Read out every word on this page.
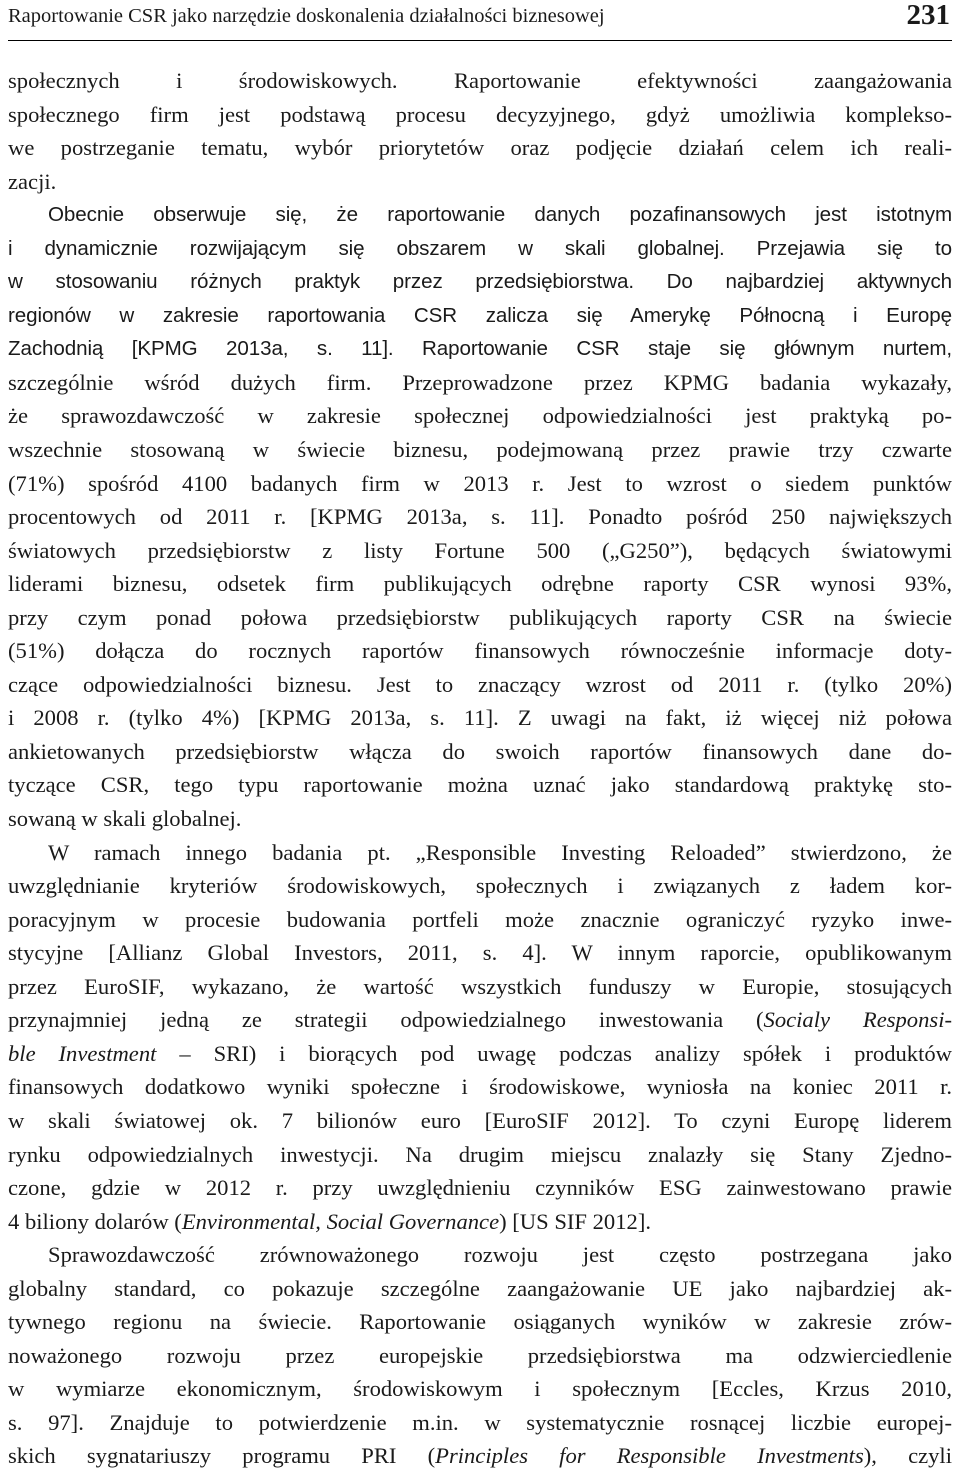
Raportowanie CSR jako narzędzie doskonalenia działalności biznesowej	231
społecznych i środowiskowych. Raportowanie efektywności zaangażowania
społecznego firm jest podstawą procesu decyzyjnego, gdyż umożliwia komplekso-
we postrzeganie tematu, wybór priorytetów oraz podjęcie działań celem ich reali-
zacji.
Obecnie obserwuje się, że raportowanie danych pozafinansowych jest istotnym
i dynamicznie rozwijającym się obszarem w skali globalnej. Przejawia się to
w stosowaniu różnych praktyk przez przedsiębiorstwa. Do najbardziej aktywnych
regionów w zakresie raportowania CSR zalicza się Amerykę Północną i Europę
Zachodnią [KPMG 2013a, s. 11]. Raportowanie CSR staje się głównym nurtem,
szczególnie wśród dużych firm. Przeprowadzone przez KPMG badania wykazały,
że sprawozdawczość w zakresie społecznej odpowiedzialności jest praktyką po-
wszechnie stosowaną w świecie biznesu, podejmowaną przez prawie trzy czwarte
(71%) spośród 4100 badanych firm w 2013 r. Jest to wzrost o siedem punktów
procentowych od 2011 r. [KPMG 2013a, s. 11]. Ponadto pośród 250 największych
światowych przedsiębiorstw z listy Fortune 500 („G250”), będących światowymi
liderami biznesu, odsetek firm publikujących odrębne raporty CSR wynosi 93%,
przy czym ponad połowa przedsiębiorstw publikujących raporty CSR na świecie
(51%) dołącza do rocznych raportów finansowych równocześnie informacje doty-
czące odpowiedzialności biznesu. Jest to znaczący wzrost od 2011 r. (tylko 20%)
i 2008 r. (tylko 4%) [KPMG 2013a, s. 11]. Z uwagi na fakt, iż więcej niż połowa
ankietowanych przedsiębiorstw włącza do swoich raportów finansowych dane do-
tyczące CSR, tego typu raportowanie można uznać jako standardową praktykę sto-
sowaną w skali globalnej.
W ramach innego badania pt. „Responsible Investing Reloaded” stwierdzono, że
uwzględnianie kryteriów środowiskowych, społecznych i związanych z ładem kor-
poracyjnym w procesie budowania portfeli może znacznie ograniczyć ryzyko inwe-
stycyjne [Allianz Global Investors, 2011, s. 4]. W innym raporcie, opublikowanym
przez EuroSIF, wykazano, że wartość wszystkich funduszy w Europie, stosujących
przynajmniej jedną ze strategii odpowiedzialnego inwestowania (Socialy Responsi-
ble Investment – SRI) i biorących pod uwagę podczas analizy spółek i produktów
finansowych dodatkowo wyniki społeczne i środowiskowe, wyniosła na koniec 2011 r.
w skali światowej ok. 7 bilionów euro [EuroSIF 2012]. To czyni Europę liderem
rynku odpowiedzialnych inwestycji. Na drugim miejscu znalazły się Stany Zjedno-
czone, gdzie w 2012 r. przy uwzględnieniu czynników ESG zainwestowano prawie
4 biliony dolarów (Environmental, Social Governance) [US SIF 2012].
Sprawozdawczość zrównoważonego rozwoju jest często postrzegana jako
globalny standard, co pokazuje szczególne zaangażowanie UE jako najbardziej ak-
tywnego regionu na świecie. Raportowanie osiąganych wyników w zakresie zrów-
noważonego rozwoju przez europejskie przedsiębiorstwa ma odzwierciedlenie
w wymiarze ekonomicznym, środowiskowym i społecznym [Eccles, Krzus 2010,
s. 97]. Znajduje to potwierdzenie m.in. w systematycznie rosnącej liczbie europej-
skich sygnatariuszy programu PRI (Principles for Responsible Investments), czyli
